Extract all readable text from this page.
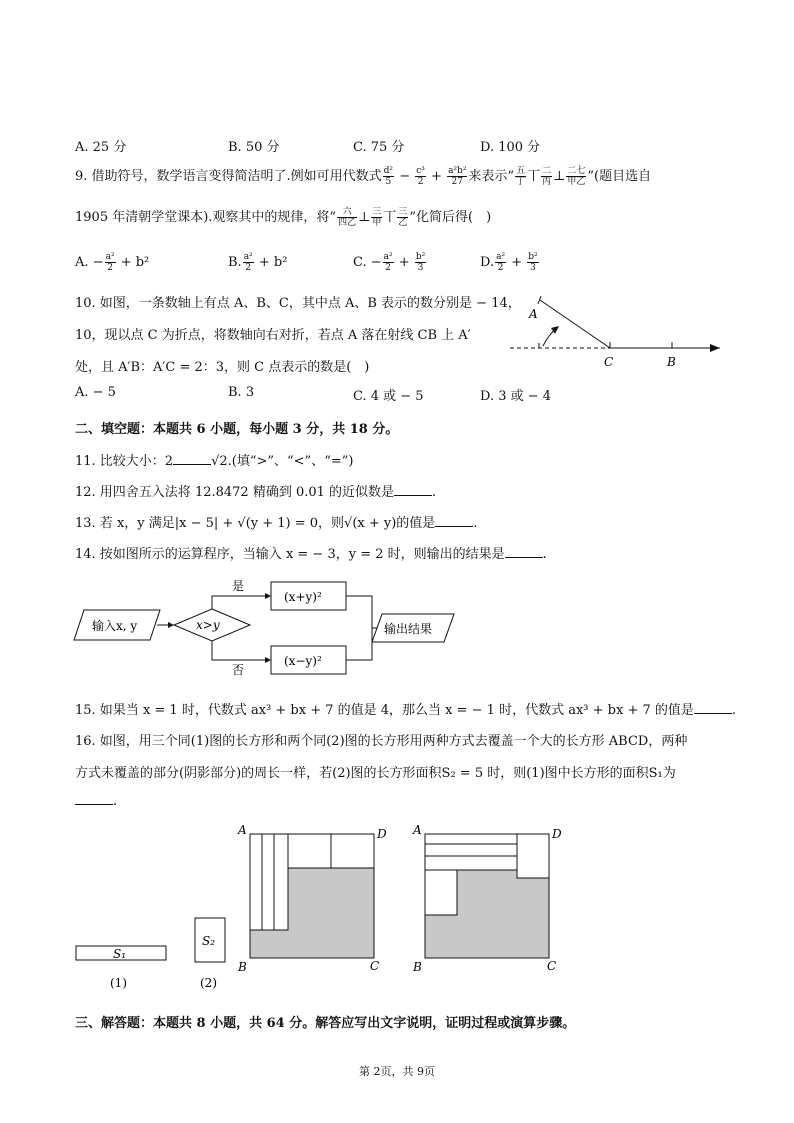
A. 25 分	B. 50 分	C. 75 分	D. 100 分
9. 借助符号，数学语言变得简洁明了.例如可用代数式 $\frac{\text{d²}}{5} - \frac{\text{c³}}{2} + \frac{\text{a²b²}}{27}$ 来表示“ $\frac{\text{五}}{\text{丁}}$ 丅 $\frac{\text{二}}{\text{丙}}$ ⊥ $\frac{\text{二七}}{\text{甲乙}}$ ”(题目选自
1905 年清朝学堂课本).观察其中的规律，将“ $\frac{\text{六}}{\text{四乙}}$ ⊥ $\frac{\text{三}}{\text{甲}}$ 丅 $\frac{\text{三}}{\text{乙}}$ ”化简后得(　)
A. − $\frac{\text{a²}}{2} + b^2$	B. $\frac{\text{a²}}{2} + b^2$	C. − $\frac{\text{a²}}{2} + \frac{\text{b²}}{3}$	D. $\frac{\text{a²}}{2} + \frac{\text{b²}}{3}$
10. 如图，一条数轴上有点 A、B、C，其中点 A、B 表示的数分别是 − 14，
10，现以点 C 为折点，将数轴向右对折，若点 A 落在射线 CB 上 A′
处，且 A′B：A′C = 2：3，则 C 点表示的数是(　)
A. − 5	B. 3	C. 4 或 − 5	D. 3 或 − 4
A
C	B
二、填空题：本题共 6 小题，每小题 3 分，共 18 分。
11. 比较大小：2	√2.(填“>”、“<”、“=”)
12. 用四舍五入法将 12.8472 精确到 0.01 的近似数是	.
13. 若 x，y 满足|x − 5| + √(y + 1) = 0，则√(x + y)的值是	.
14. 按如图所示的运算程序，当输入 x = − 3，y = 2 时，则输出的结果是	.
输入x, y	x>y
是
否
(x+y)²
(x−y)²
输出结果
15. 如果当 x = 1 时，代数式 ax³ + bx + 7 的值是 4，那么当 x = − 1 时，代数式 ax³ + bx + 7 的值是	.
16. 如图，用三个同(1)图的长方形和两个同(2)图的长方形用两种方式去覆盖一个大的长方形 ABCD，两种
方式未覆盖的部分(阴影部分)的周长一样，若(2)图的长方形面积S₂ = 5 时，则(1)图中长方形的面积S₁为
.
S₁
(1)
S₂
(2)
A	D
B	C
A	D
B	C
三、解答题：本题共 8 小题，共 64 分。解答应写出文字说明，证明过程或演算步骤。
第 2页，共 9页
